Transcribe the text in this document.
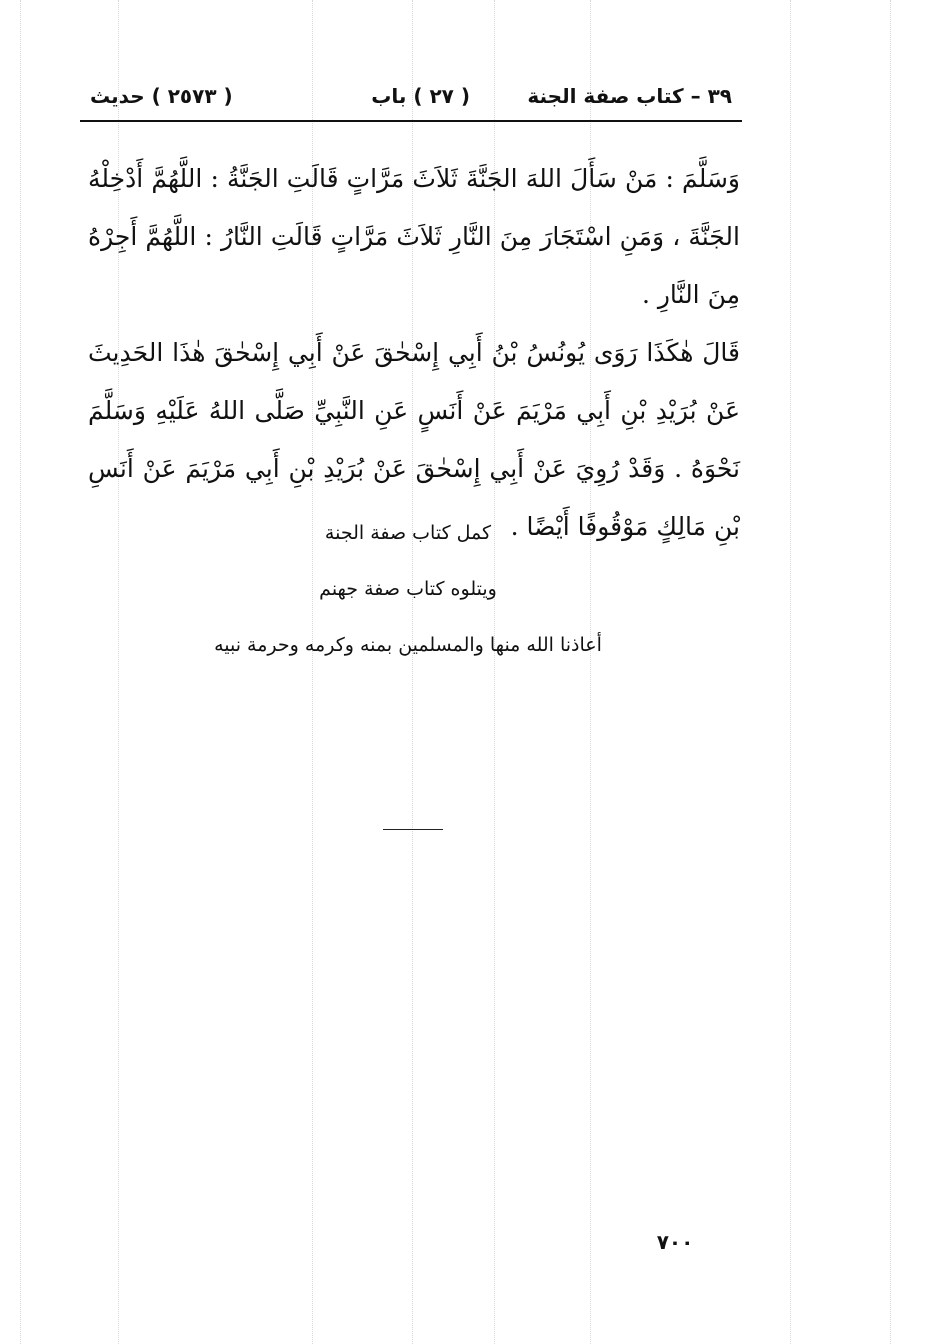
٣٩ – كتاب صفة الجنة
( ٢٧ ) باب
( ٢٥٧٣ ) حديث

وَسَلَّمَ : مَنْ سَأَلَ اللهَ الجَنَّةَ ثَلاَثَ مَرَّاتٍ قَالَتِ الجَنَّةُ : اللَّهُمَّ أَدْخِلْهُ الجَنَّةَ ، وَمَنِ اسْتَجَارَ مِنَ النَّارِ ثَلاَثَ مَرَّاتٍ قَالَتِ النَّارُ : اللَّهُمَّ أَجِرْهُ مِنَ النَّارِ .

قَالَ هٰكَذَا رَوَى يُونُسُ بْنُ أَبِي إِسْحٰقَ عَنْ أَبِي إِسْحٰقَ هٰذَا الحَدِيثَ عَنْ بُرَيْدِ بْنِ أَبِي مَرْيَمَ عَنْ أَنَسٍ عَنِ النَّبِيِّ صَلَّى اللهُ عَلَيْهِ وَسَلَّمَ نَحْوَهُ . وَقَدْ رُوِيَ عَنْ أَبِي إِسْحٰقَ عَنْ بُرَيْدِ بْنِ أَبِي مَرْيَمَ عَنْ أَنَسِ بْنِ مَالِكٍ مَوْقُوفًا أَيْضًا .

كمل كتاب صفة الجنة
ويتلوه كتاب صفة جهنم
أعاذنا الله منها والمسلمين بمنه وكرمه وحرمة نبيه
٧٠٠
